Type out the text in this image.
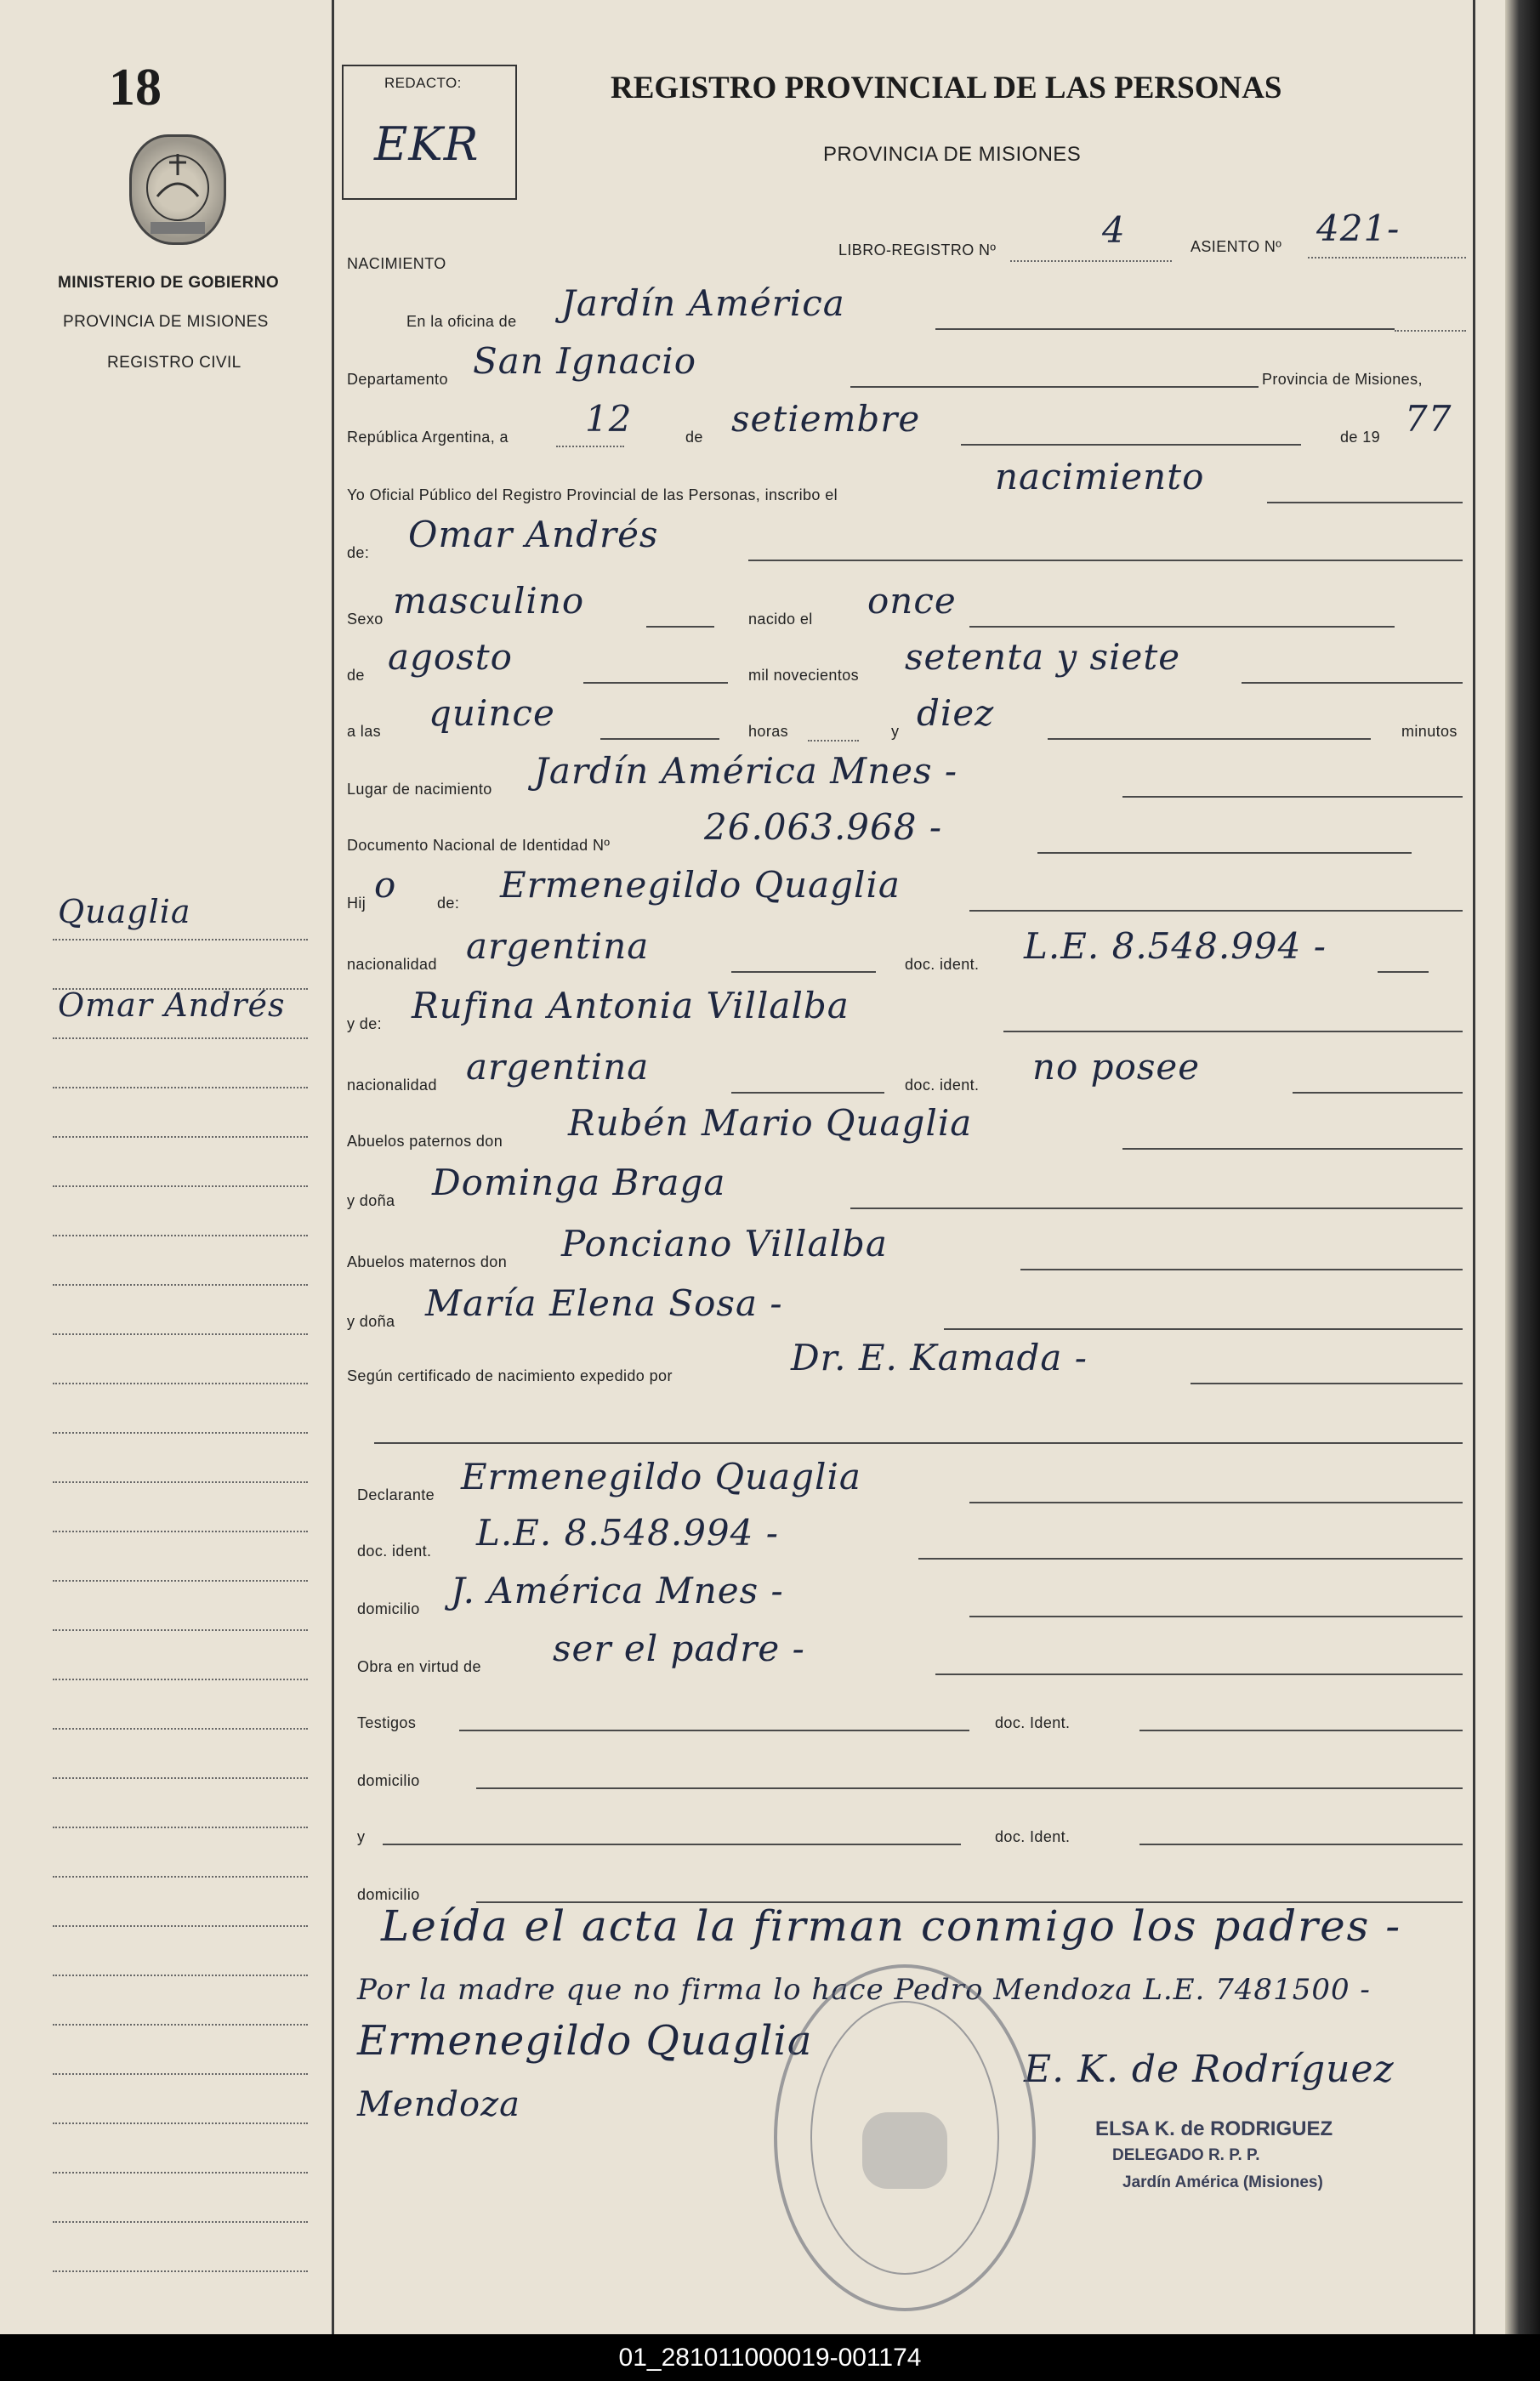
18
MINISTERIO DE GOBIERNO
PROVINCIA DE MISIONES
REGISTRO CIVIL
Quaglia
Omar Andrés
REDACTO:
EKR
REGISTRO PROVINCIAL DE LAS PERSONAS
PROVINCIA DE MISIONES
NACIMIENTO
LIBRO-REGISTRO Nº	4	ASIENTO Nº 421-
En la oficina de Jardín América
Departamento San Ignacio	Provincia de Misiones,
República Argentina, a 12	de setiembre	de 19 77
Yo Oficial Público del Registro Provincial de las Personas, inscribo el	nacimiento
de: Omar Andrés
Sexo masculino	nacido el once
de agosto	mil novecientos setenta y siete
a las quince	horas	y diez	minutos
Lugar de nacimiento Jardín América Mnes -
Documento Nacional de Identidad Nº	26.063.968 -
Hij o	de: Ermenegildo Quaglia
nacionalidad argentina	doc. ident. L.E. 8.548.994 -
y de: Rufina Antonia Villalba
nacionalidad argentina	doc. ident. no posee
Abuelos paternos don Rubén Mario Quaglia
y doña Dominga Braga
Abuelos maternos don Ponciano Villalba
y doña María Elena Sosa -
Según certificado de nacimiento expedido por	Dr. E. Kamada -
Declarante Ermenegildo Quaglia
doc. ident. L.E. 8.548.994 -
domicilio J. América Mnes -
Obra en virtud de ser el padre -
Testigos	doc. Ident.
domicilio
y	doc. Ident.
domicilio
Leída el acta la firman conmigo los padres -
Por la madre que no firma lo hace Pedro Mendoza L.E. 7481500 -
Ermenegildo Quaglia
Mendoza
E. K. de Rodríguez
ELSA K. de RODRIGUEZ
DELEGADO R. P. P.
Jardín América (Misiones)
01_281011000019-001174
